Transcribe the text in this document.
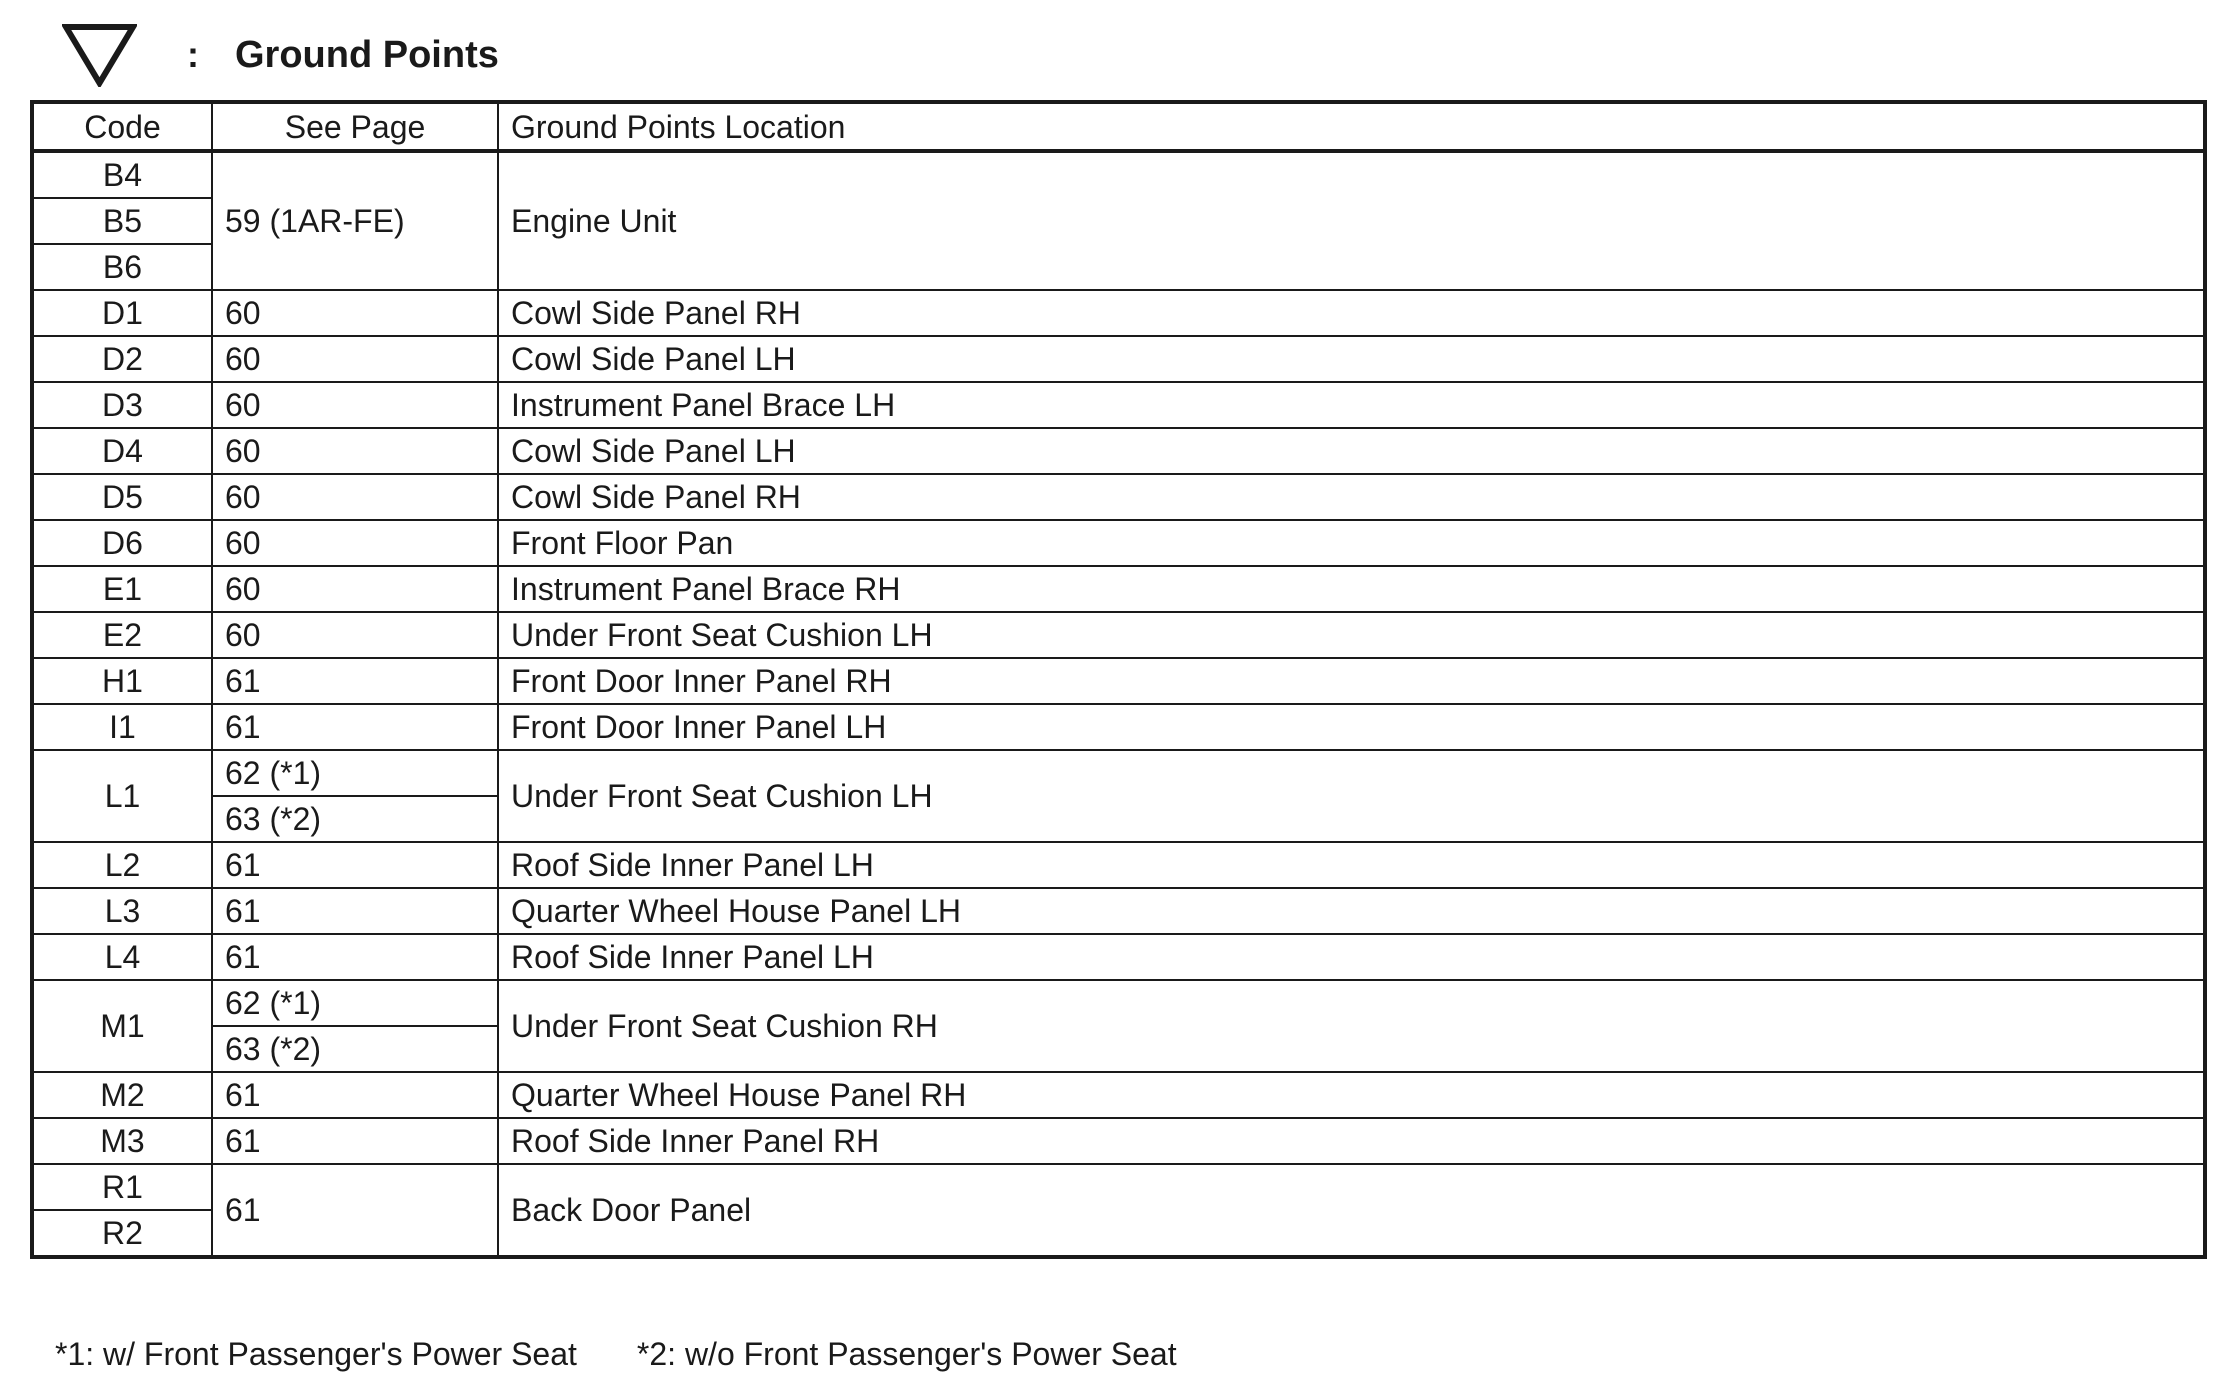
: Ground Points
Code	See Page	Ground Points Location
B4	59 (1AR-FE)	Engine Unit
B5		
B6		
D1	60	Cowl Side Panel RH
D2	60	Cowl Side Panel LH
D3	60	Instrument Panel Brace LH
D4	60	Cowl Side Panel LH
D5	60	Cowl Side Panel RH
D6	60	Front Floor Pan
E1	60	Instrument Panel Brace RH
E2	60	Under Front Seat Cushion LH
H1	61	Front Door Inner Panel RH
I1	61	Front Door Inner Panel LH
L1	62 (*1)	Under Front Seat Cushion LH
	63 (*2)	
L2	61	Roof Side Inner Panel LH
L3	61	Quarter Wheel House Panel LH
L4	61	Roof Side Inner Panel LH
M1	62 (*1)	Under Front Seat Cushion RH
	63 (*2)	
M2	61	Quarter Wheel House Panel RH
M3	61	Roof Side Inner Panel RH
R1	61	Back Door Panel
R2		
*1: w/ Front Passenger's Power Seat *2: w/o Front Passenger's Power Seat
